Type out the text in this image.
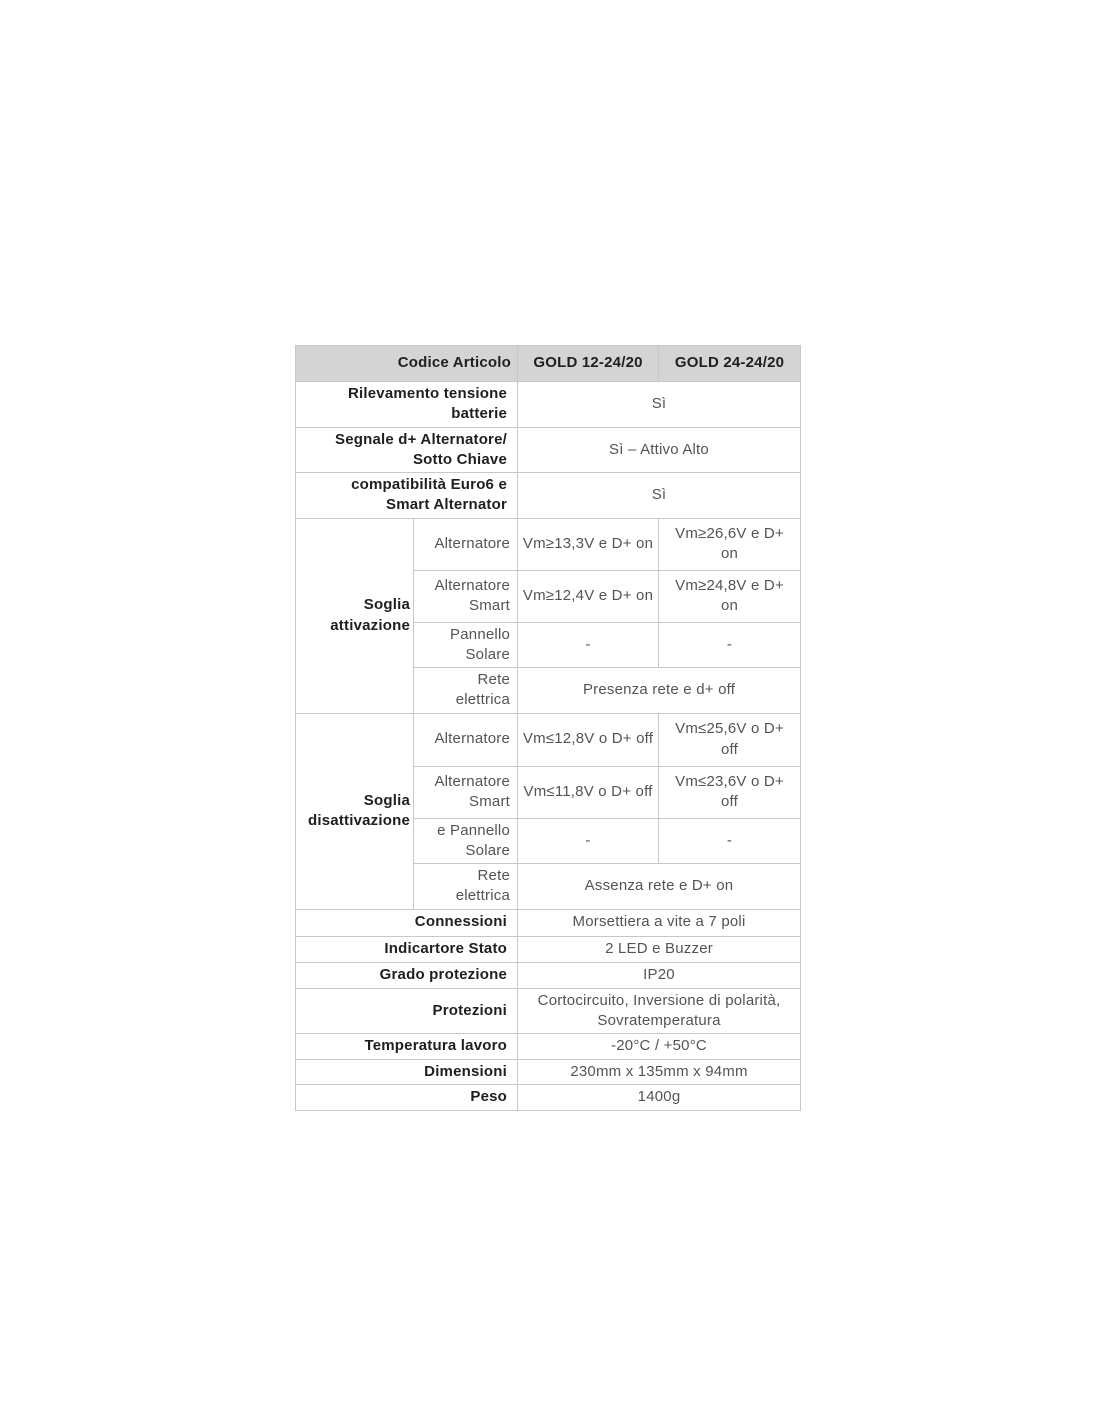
Codice Articolo		GOLD 12-24/20	GOLD 24-24/20
Rilevamento tensione batterie		Sì	
Segnale d+ Alternatore/ Sotto Chiave		Sì – Attivo Alto	
compatibilità Euro6 e Smart Alternator		Sì	
Soglia attivazione	Alternatore	Vm≥13,3V e D+ on	Vm≥26,6V e D+ on
	Alternatore Smart	Vm≥12,4V e D+ on	Vm≥24,8V e D+ on
	Pannello Solare	-	-
	Rete elettrica	Presenza rete e d+ off	
Soglia disattivazione	Alternatore	Vm≤12,8V o D+ off	Vm≤25,6V o D+ off
	Alternatore Smart	Vm≤11,8V o D+ off	Vm≤23,6V o D+ off
	e Pannello Solare	-	-
	Rete elettrica	Assenza rete e D+ on	
Connessioni		Morsettiera a vite a 7 poli	
Indicartore Stato		2 LED e Buzzer	
Grado protezione		IP20	
Protezioni		Cortocircuito, Inversione di polarità, Sovratemperatura	
Temperatura lavoro		-20°C / +50°C	
Dimensioni		230mm x 135mm x 94mm	
Peso		1400g	
